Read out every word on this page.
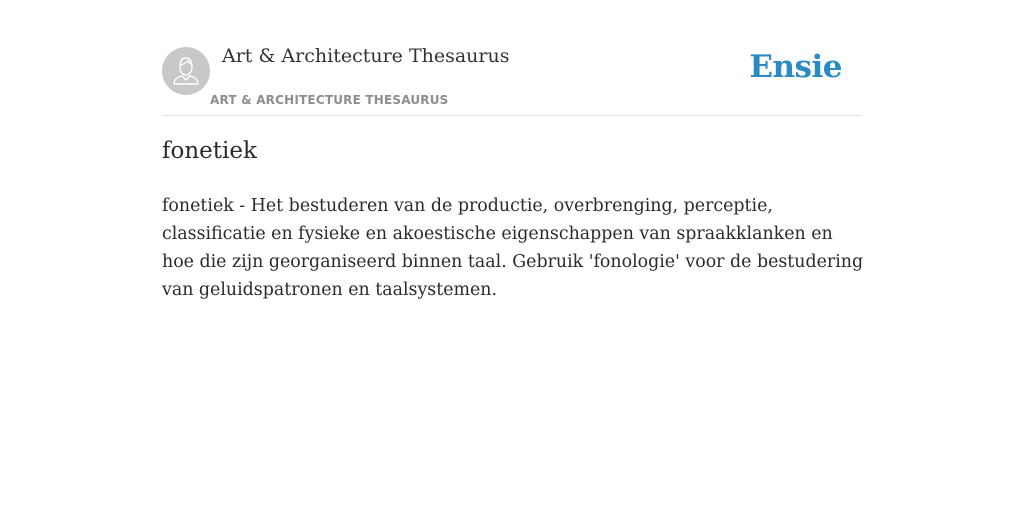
Art & Architecture Thesaurus
ART & ARCHITECTURE THESAURUS
Ensie
fonetiek

fonetiek - Het bestuderen van de productie, overbrenging, perceptie, classificatie en fysieke en akoestische eigenschappen van spraakklanken en hoe die zijn georganiseerd binnen taal. Gebruik 'fonologie' voor de bestudering van geluidspatronen en taalsystemen.
